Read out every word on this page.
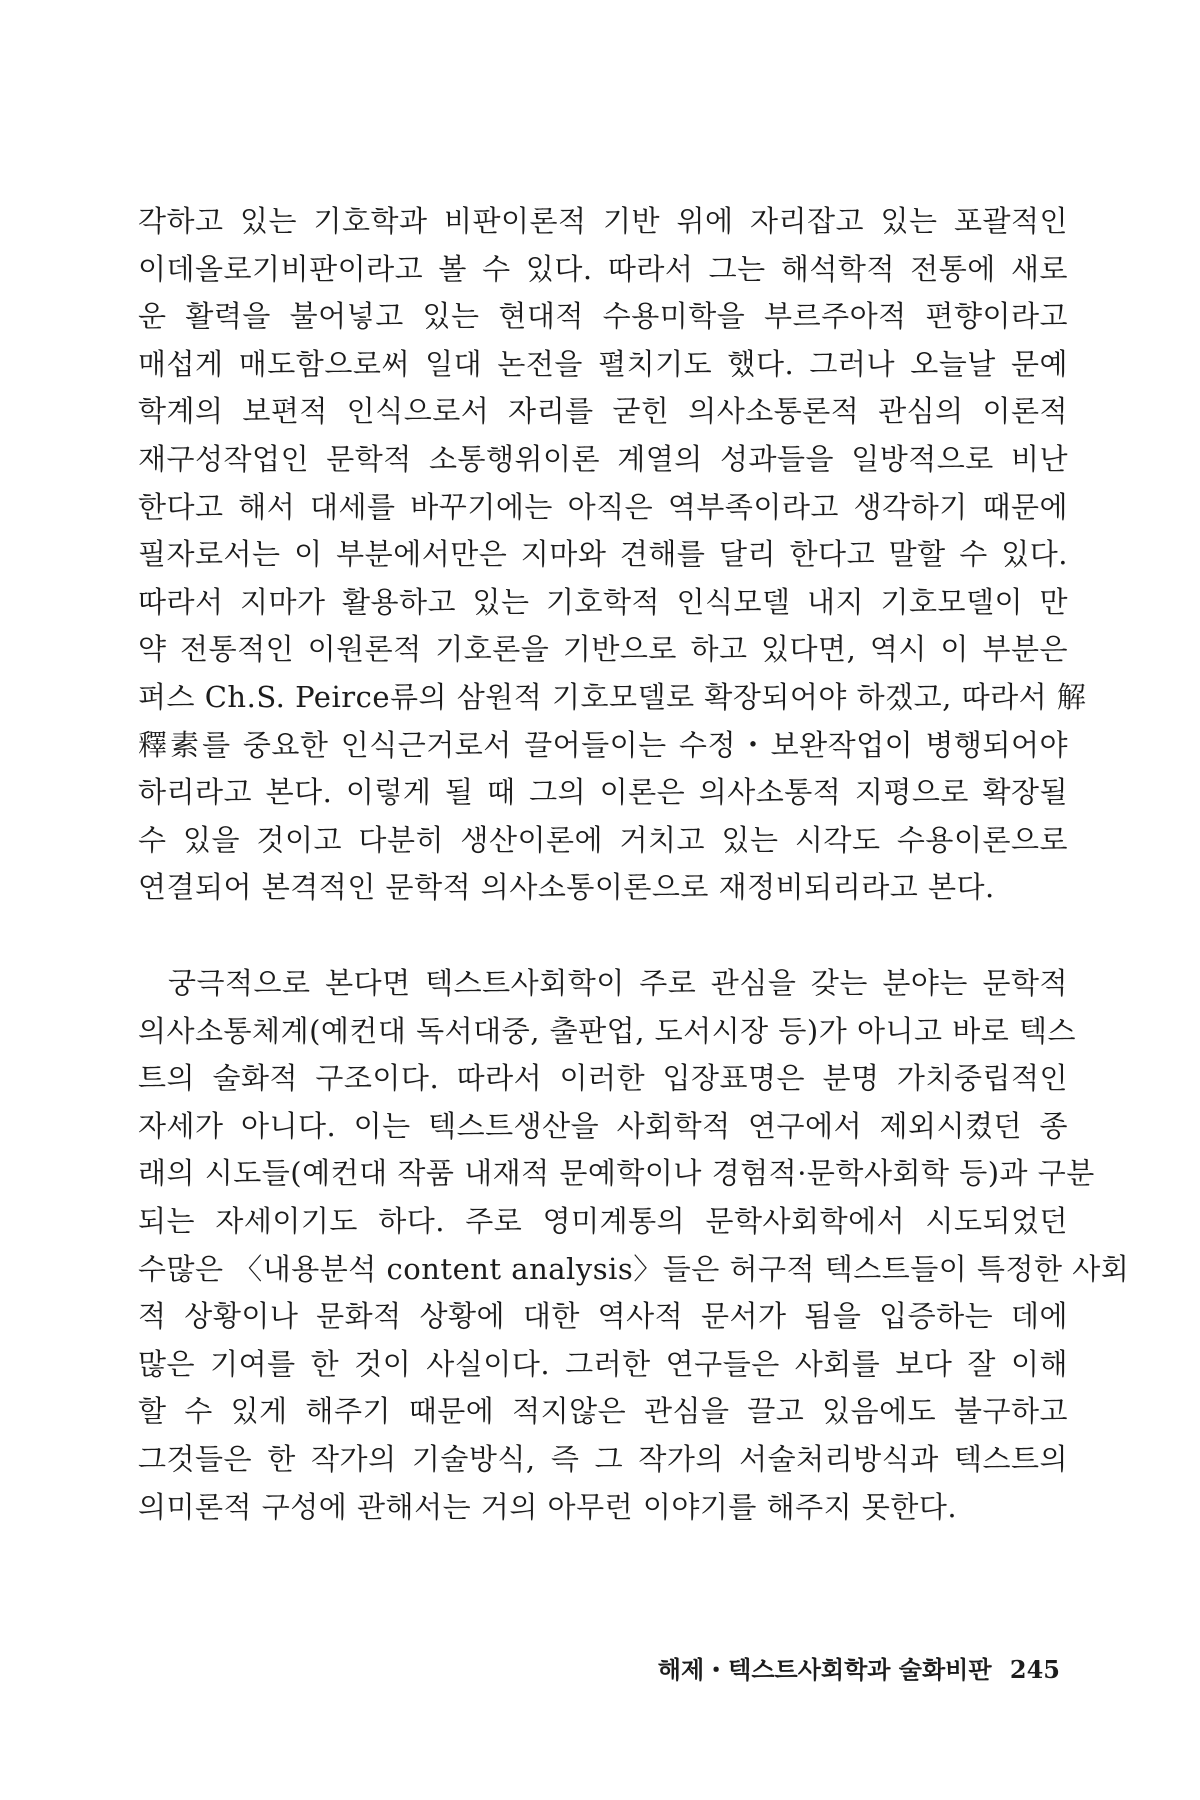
각하고 있는 기호학과 비판이론적 기반 위에 자리잡고 있는 포괄적인
이데올로기비판이라고 볼 수 있다. 따라서 그는 해석학적 전통에 새로
운 활력을 불어넣고 있는 현대적 수용미학을 부르주아적 편향이라고
매섭게 매도함으로써 일대 논전을 펼치기도 했다. 그러나 오늘날 문예
학계의 보편적 인식으로서 자리를 굳힌 의사소통론적 관심의 이론적
재구성작업인 문학적 소통행위이론 계열의 성과들을 일방적으로 비난
한다고 해서 대세를 바꾸기에는 아직은 역부족이라고 생각하기 때문에
필자로서는 이 부분에서만은 지마와 견해를 달리 한다고 말할 수 있다.
따라서 지마가 활용하고 있는 기호학적 인식모델 내지 기호모델이 만
약 전통적인 이원론적 기호론을 기반으로 하고 있다면, 역시 이 부분은
퍼스 Ch.S. Peirce류의 삼원적 기호모델로 확장되어야 하겠고, 따라서 解
釋素를 중요한 인식근거로서 끌어들이는 수정・보완작업이 병행되어야
하리라고 본다. 이렇게 될 때 그의 이론은 의사소통적 지평으로 확장될
수 있을 것이고 다분히 생산이론에 거치고 있는 시각도 수용이론으로
연결되어 본격적인 문학적 의사소통이론으로 재정비되리라고 본다.
궁극적으로 본다면 텍스트사회학이 주로 관심을 갖는 분야는 문학적
의사소통체계(예컨대 독서대중, 출판업, 도서시장 등)가 아니고 바로 텍스
트의 술화적 구조이다. 따라서 이러한 입장표명은 분명 가치중립적인
자세가 아니다. 이는 텍스트생산을 사회학적 연구에서 제외시켰던 종
래의 시도들(예컨대 작품 내재적 문예학이나 경험적·문학사회학 등)과 구분
되는 자세이기도 하다. 주로 영미계통의 문학사회학에서 시도되었던
수많은 〈내용분석 content analysis〉들은 허구적 텍스트들이 특정한 사회
적 상황이나 문화적 상황에 대한 역사적 문서가 됨을 입증하는 데에
많은 기여를 한 것이 사실이다. 그러한 연구들은 사회를 보다 잘 이해
할 수 있게 해주기 때문에 적지않은 관심을 끌고 있음에도 불구하고
그것들은 한 작가의 기술방식, 즉 그 작가의 서술처리방식과 텍스트의
의미론적 구성에 관해서는 거의 아무런 이야기를 해주지 못한다.
해제・텍스트사회학과 술화비판 245
